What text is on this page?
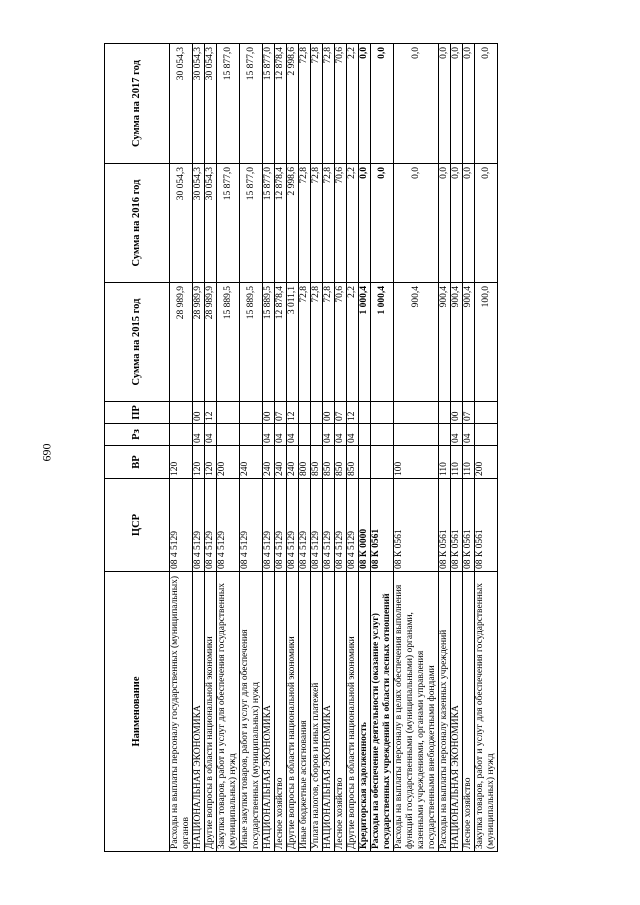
690
Наименование	ЦСР	ВР	Рз	ПР	Сумма на 2015 год	Сумма на 2016 год	Сумма на 2017 год
Расходы на выплаты персоналу государственных (муниципальных) органов	08 4 5129	120			28 989,9	30 054,3	30 054,3
НАЦИОНАЛЬНАЯ ЭКОНОМИКА	08 4 5129	120	04	00	28 989,9	30 054,3	30 054,3
Другие вопросы в области национальной экономики	08 4 5129	120	04	12	28 989,9	30 054,3	30 054,3
Закупка товаров, работ и услуг для обеспечения государственных (муниципальных) нужд	08 4 5129	200			15 889,5	15 877,0	15 877,0
Иные закупки товаров, работ и услуг для обеспечения государственных (муниципальных) нужд	08 4 5129	240			15 889,5	15 877,0	15 877,0
НАЦИОНАЛЬНАЯ ЭКОНОМИКА	08 4 5129	240	04	00	15 889,5	15 877,0	15 877,0
Лесное хозяйство	08 4 5129	240	04	07	12 878,4	12 878,4	12 878,4
Другие вопросы в области национальной экономики	08 4 5129	240	04	12	3 011,1	2 998,6	2 998,6
Иные бюджетные ассигнования	08 4 5129	800			72,8	72,8	72,8
Уплата налогов, сборов и иных платежей	08 4 5129	850			72,8	72,8	72,8
НАЦИОНАЛЬНАЯ ЭКОНОМИКА	08 4 5129	850	04	00	72,8	72,8	72,8
Лесное хозяйство	08 4 5129	850	04	07	70,6	70,6	70,6
Другие вопросы в области национальной экономики	08 4 5129	850	04	12	2,2	2,2	2,2
Кредиторская задолженность	08 К 0000				1 000,4	0,0	0,0
Расходы на обеспечение деятельности (оказание услуг) государственных учреждений в области лесных отношений	08 К 0561				1 000,4	0,0	0,0
Расходы на выплаты персоналу в целях обеспечения выполнения функций государственными (муниципальными) органами, казенными учреждениями, органами управления государственными внебюджетными фондами	08 К 0561	100			900,4	0,0	0,0
Расходы на выплаты персоналу казенных учреждений	08 К 0561	110			900,4	0,0	0,0
НАЦИОНАЛЬНАЯ ЭКОНОМИКА	08 К 0561	110	04	00	900,4	0,0	0,0
Лесное хозяйство	08 К 0561	110	04	07	900,4	0,0	0,0
Закупка товаров, работ и услуг для обеспечения государственных (муниципальных) нужд	08 К 0561	200			100,0	0,0	0,0
